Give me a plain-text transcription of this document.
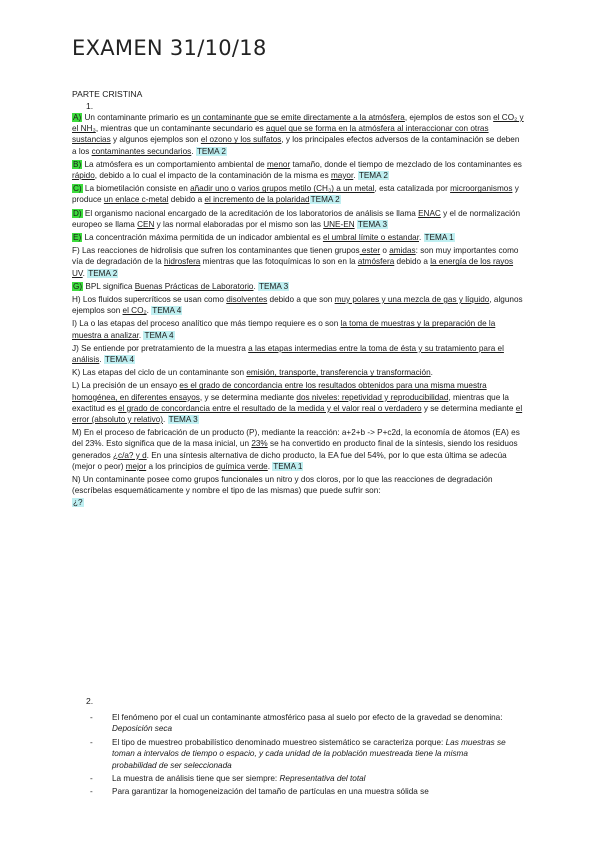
EXAMEN 31/10/18
PARTE CRISTINA
1.
A) Un contaminante primario es un contaminante que se emite directamente a la atmósfera, ejemplos de estos son el CO₂ y el NH₃, mientras que un contaminante secundario es aquel que se forma en la atmósfera al interaccionar con otras sustancias y algunos ejemplos son el ozono y los sulfatos, y los principales efectos adversos de la contaminación se deben a los contaminantes secundarios. TEMA 2
B) La atmósfera es un comportamiento ambiental de menor tamaño, donde el tiempo de mezclado de los contaminantes es rápido, debido a lo cual el impacto de la contaminación de la misma es mayor. TEMA 2
C) La biometilación consiste en añadir uno o varios grupos metilo (CH₃) a un metal, esta catalizada por microorganismos y produce un enlace c-metal debido a el incremento de la polaridadTEMA 2
D) El organismo nacional encargado de la acreditación de los laboratorios de análisis se llama ENAC y el de normalización europeo se llama CEN y las normal elaboradas por el mismo son las UNE-EN TEMA 3
E) La concentración máxima permitida de un indicador ambiental es el umbral límite o estandar. TEMA 1
F) Las reacciones de hidrolisis que sufren los contaminantes que tienen grupos ester o amidas: son muy importantes como vía de degradación de la hidrosfera mientras que las fotoquímicas lo son en la atmósfera debido a la energía de los rayos UV. TEMA 2
G) BPL significa Buenas Prácticas de Laboratorio. TEMA 3
H) Los fluidos supercríticos se usan como disolventes debido a que son muy polares y una mezcla de gas y líquido, algunos ejemplos son el CO₂. TEMA 4
I) La o las etapas del proceso analítico que más tiempo requiere es o son la toma de muestras y la preparación de la muestra a analizar. TEMA 4
J) Se entiende por pretratamiento de la muestra a las etapas intermedias entre la toma de ésta y su tratamiento para el análisis. TEMA 4
K) Las etapas del ciclo de un contaminante son emisión, transporte, transferencia y transformación.
L) La precisión de un ensayo es el grado de concordancia entre los resultados obtenidos para una misma muestra homogénea, en diferentes ensayos, y se determina mediante dos niveles: repetividad y reproducibilidad, mientras que la exactitud es el grado de concordancia entre el resultado de la medida y el valor real o verdadero y se determina mediante el error (absoluto y relativo). TEMA 3
M) En el proceso de fabricación de un producto (P), mediante la reacción: a+2+b -> P+c2d, la economía de átomos (EA) es del 23%. Esto significa que de la masa inicial, un 23% se ha convertido en producto final de la síntesis, siendo los residuos generados ¿c/a? y d. En una síntesis alternativa de dicho producto, la EA fue del 54%, por lo que esta última se adecúa (mejor o peor) mejor a los principios de química verde. TEMA 1
N) Un contaminante posee como grupos funcionales un nitro y dos cloros, por lo que las reacciones de degradación (escríbelas esquemáticamente y nombre el tipo de las mismas) que puede sufrir son:
¿?
2.
- El fenómeno por el cual un contaminante atmosférico pasa al suelo por efecto de la gravedad se denomina: Deposición seca
- El tipo de muestreo probabilístico denominado muestreo sistemático se caracteriza porque: Las muestras se toman a intervalos de tiempo o espacio, y cada unidad de la población muestreada tiene la misma probabilidad de ser seleccionada
- La muestra de análisis tiene que ser siempre: Representativa del total
- Para garantizar la homogeneización del tamaño de partículas en una muestra sólida se
